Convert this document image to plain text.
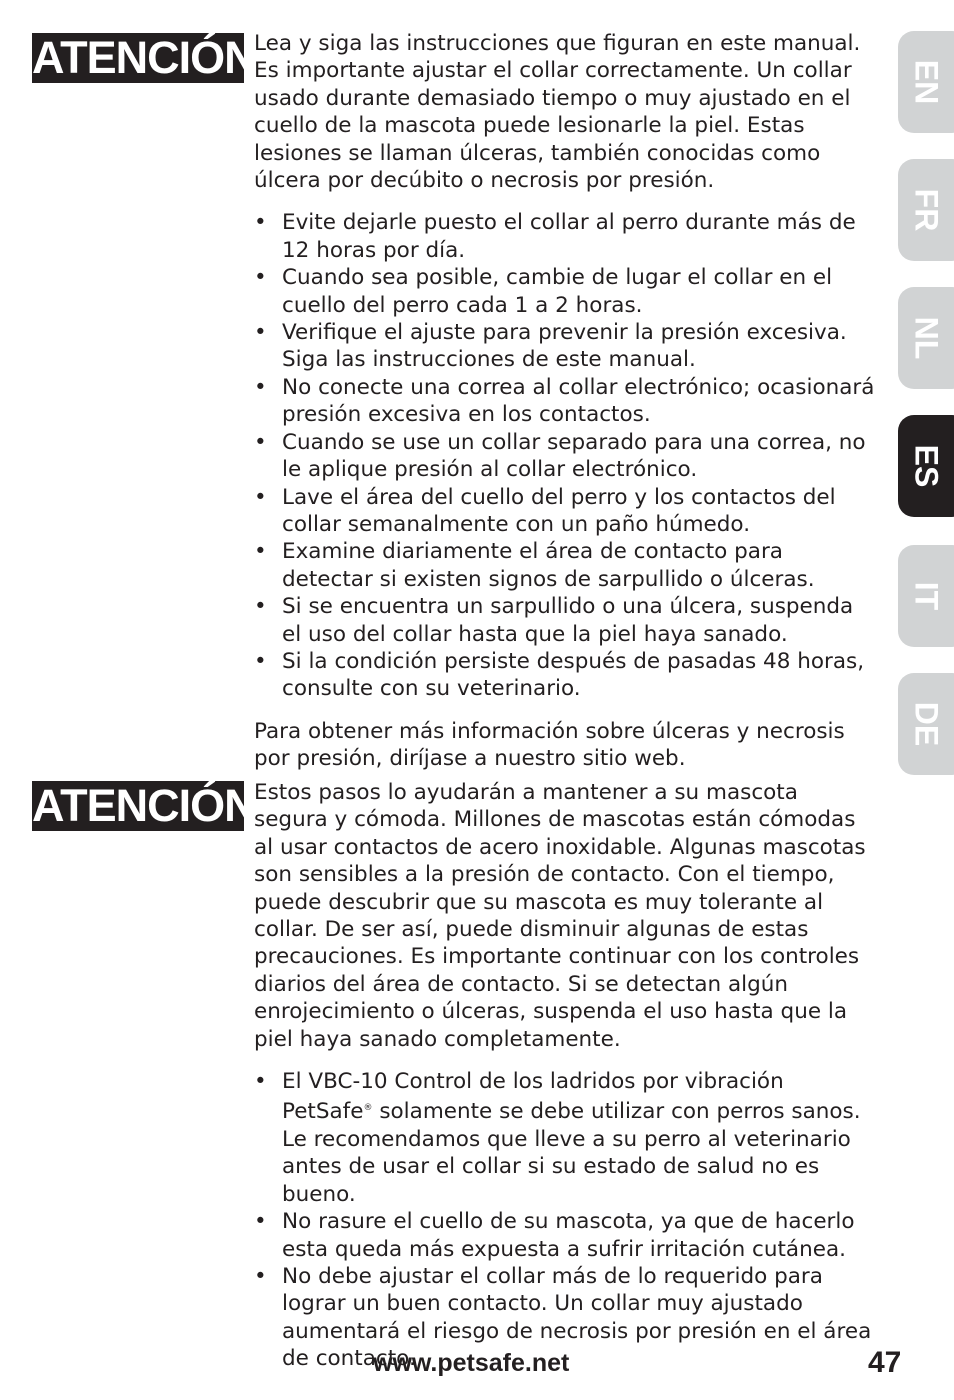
EN
FR
NL
ES
IT
DE
ATENCIÓN

Lea y siga las instrucciones que figuran en este manual. Es importante ajustar el collar correctamente. Un collar usado durante demasiado tiempo o muy ajustado en el cuello de la mascota puede lesionarle la piel. Estas lesiones se llaman úlceras, también conocidas como úlcera por decúbito o necrosis por presión.

• Evite dejarle puesto el collar al perro durante más de 12 horas por día.
• Cuando sea posible, cambie de lugar el collar en el cuello del perro cada 1 a 2 horas.
• Verifique el ajuste para prevenir la presión excesiva. Siga las instrucciones de este manual.
• No conecte una correa al collar electrónico; ocasionará presión excesiva en los contactos.
• Cuando se use un collar separado para una correa, no le aplique presión al collar electrónico.
• Lave el área del cuello del perro y los contactos del collar semanalmente con un paño húmedo.
• Examine diariamente el área de contacto para detectar si existen signos de sarpullido o úlceras.
• Si se encuentra un sarpullido o una úlcera, suspenda el uso del collar hasta que la piel haya sanado.
• Si la condición persiste después de pasadas 48 horas, consulte con su veterinario.

Para obtener más información sobre úlceras y necrosis por presión, diríjase a nuestro sitio web.

ATENCIÓN

Estos pasos lo ayudarán a mantener a su mascota segura y cómoda. Millones de mascotas están cómodas al usar contactos de acero inoxidable. Algunas mascotas son sensibles a la presión de contacto. Con el tiempo, puede descubrir que su mascota es muy tolerante al collar. De ser así, puede disminuir algunas de estas precauciones. Es importante continuar con los controles diarios del área de contacto. Si se detectan algún enrojecimiento o úlceras, suspenda el uso hasta que la piel haya sanado completamente.

• El VBC-10 Control de los ladridos por vibración PetSafe® solamente se debe utilizar con perros sanos. Le recomendamos que lleve a su perro al veterinario antes de usar el collar si su estado de salud no es bueno.
• No rasure el cuello de su mascota, ya que de hacerlo esta queda más expuesta a sufrir irritación cutánea.
• No debe ajustar el collar más de lo requerido para lograr un buen contacto. Un collar muy ajustado aumentará el riesgo de necrosis por presión en el área de contacto.
www.petsafe.net	47
